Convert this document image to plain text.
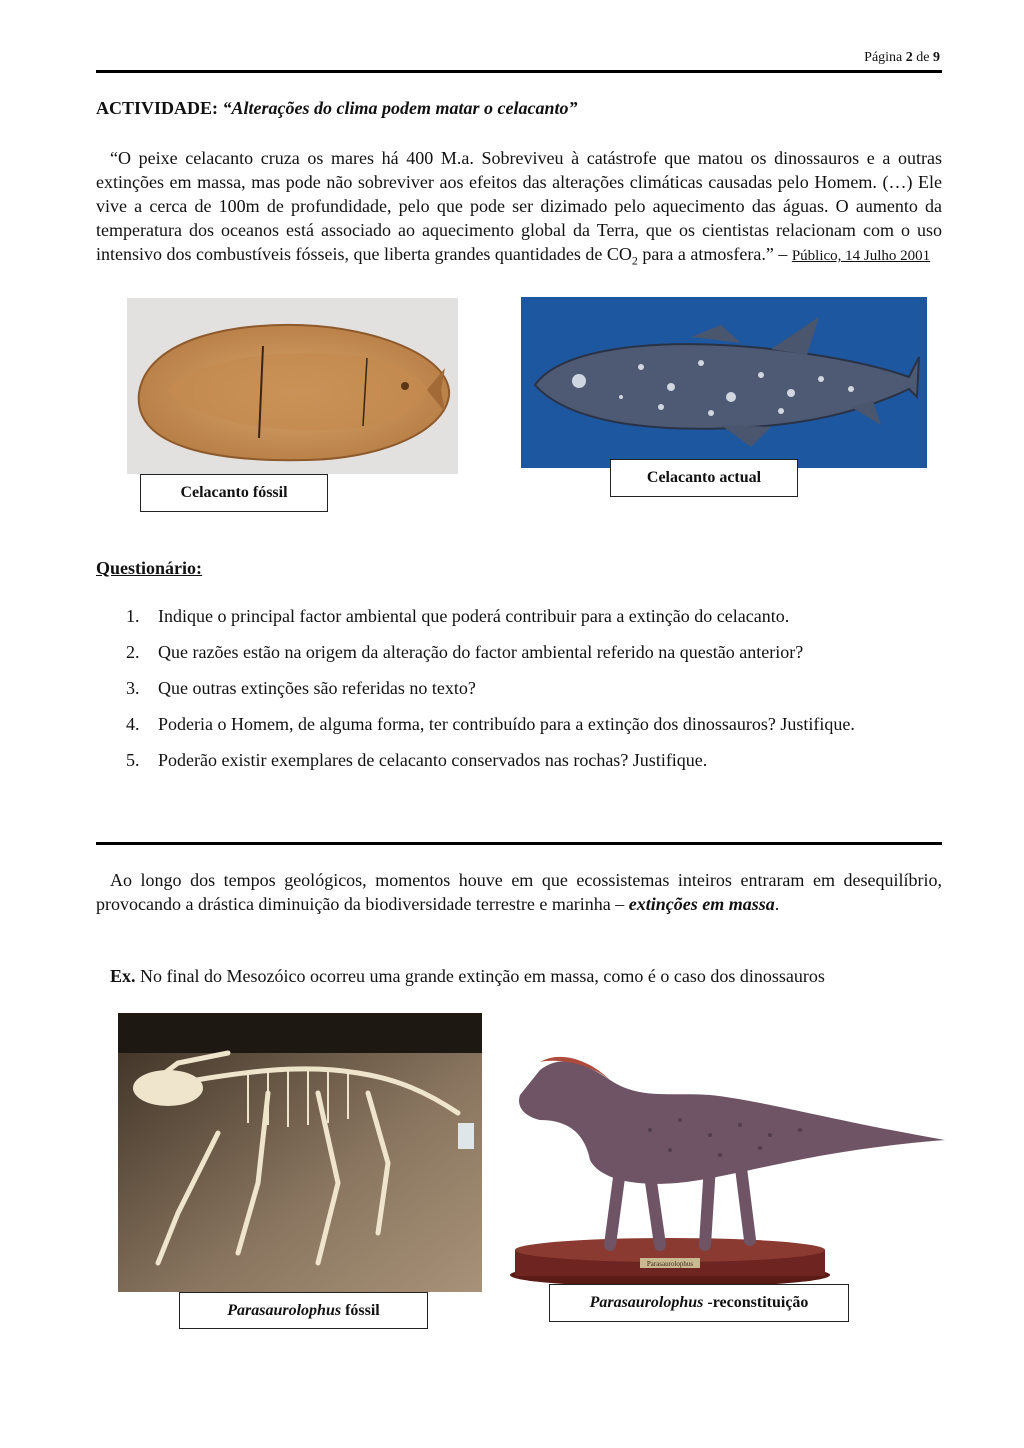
Página 2 de 9
ACTIVIDADE: “Alterações do clima podem matar o celacanto”
“O peixe celacanto cruza os mares há 400 M.a. Sobreviveu à catástrofe que matou os dinossauros e a outras extinções em massa, mas pode não sobreviver aos efeitos das alterações climáticas causadas pelo Homem. (…) Ele vive a cerca de 100m de profundidade, pelo que pode ser dizimado pelo aquecimento das águas. O aumento da temperatura dos oceanos está associado ao aquecimento global da Terra, que os cientistas relacionam com o uso intensivo dos combustíveis fósseis, que liberta grandes quantidades de $CO_2$ para a atmosfera.” – Público, 14 Julho 2001
Celacanto fóssil
Celacanto actual
Questionário:
1. Indique o principal factor ambiental que poderá contribuir para a extinção do celacanto.
2. Que razões estão na origem da alteração do factor ambiental referido na questão anterior?
3. Que outras extinções são referidas no texto?
4. Poderia o Homem, de alguma forma, ter contribuído para a extinção dos dinossauros? Justifique.
5. Poderão existir exemplares de celacanto conservados nas rochas? Justifique.
Ao longo dos tempos geológicos, momentos houve em que ecossistemas inteiros entraram em desequilíbrio, provocando a drástica diminuição da biodiversidade terrestre e marinha – extinções em massa.
Ex. No final do Mesozóico ocorreu uma grande extinção em massa, como é o caso dos dinossauros
Parasaurolophus fóssil
Parasaurolophus
Parasaurolophus -reconstituição
